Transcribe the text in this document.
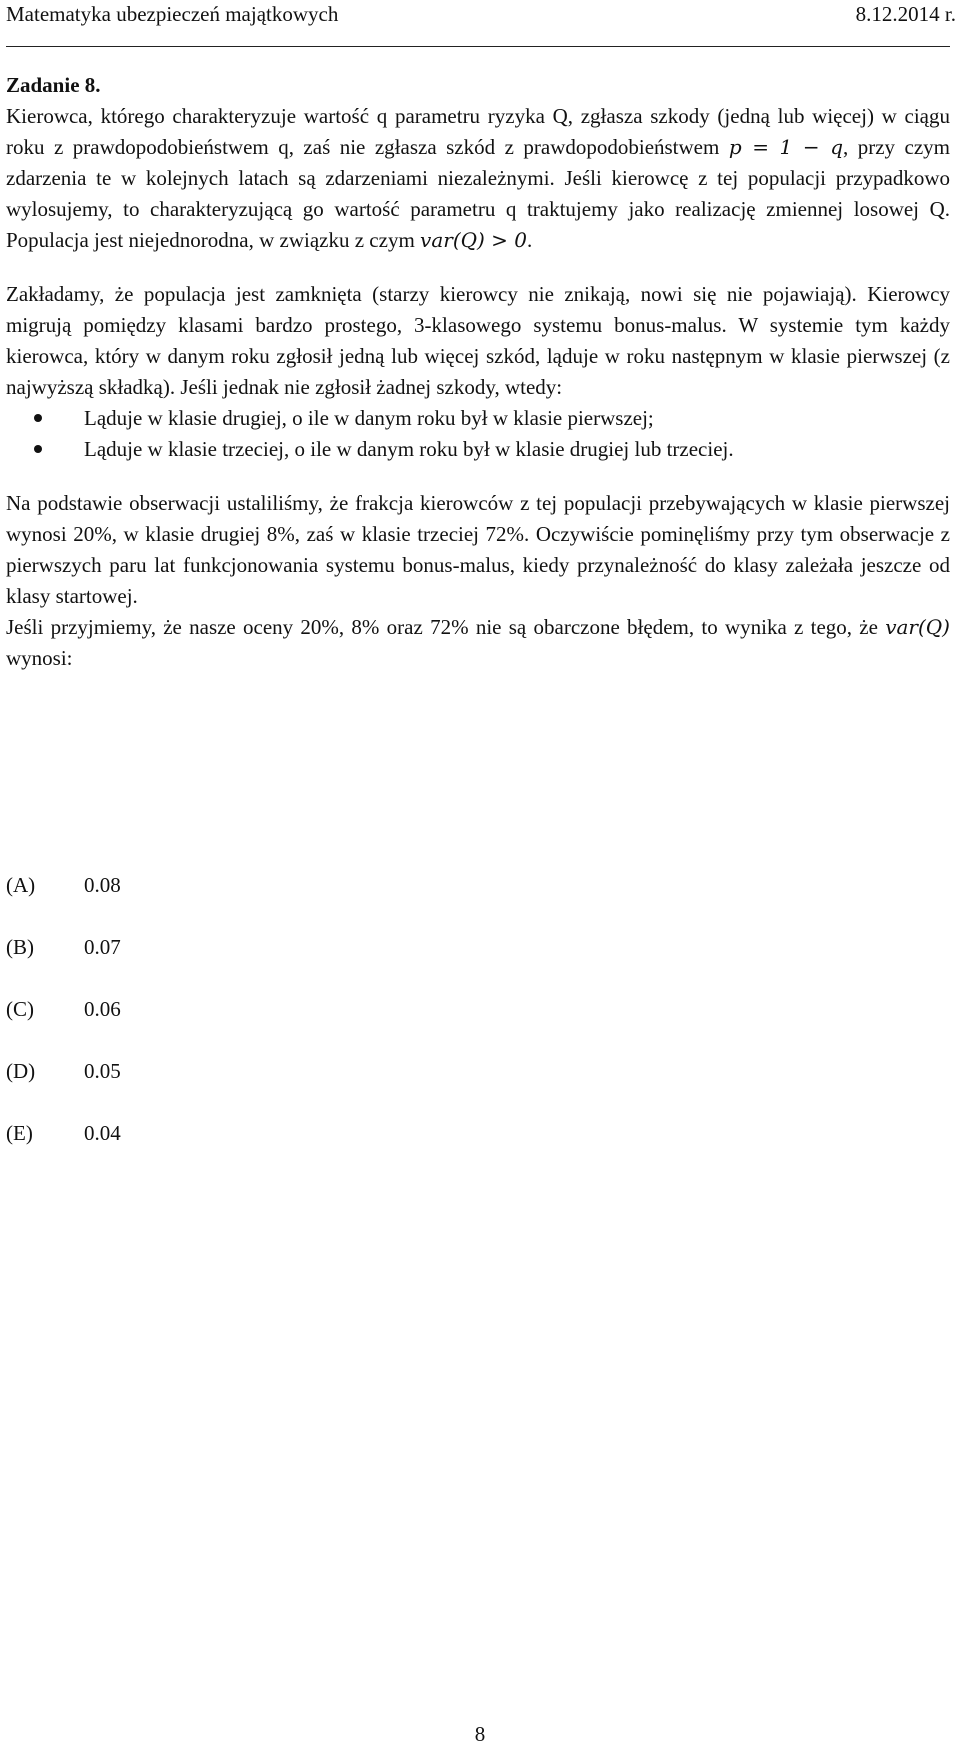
Matematyka ubezpieczeń majątkowych	8.12.2014 r.

Zadanie 8.

Kierowca, którego charakteryzuje wartość q parametru ryzyka Q, zgłasza szkody (jedną lub więcej) w ciągu roku z prawdopodobieństwem q, zaś nie zgłasza szkód z prawdopodobieństwem p = 1 − q, przy czym zdarzenia te w kolejnych latach są zdarzeniami niezależnymi. Jeśli kierowcę z tej populacji przypadkowo wylosujemy, to charakteryzującą go wartość parametru q traktujemy jako realizację zmiennej losowej Q. Populacja jest niejednorodna, w związku z czym var(Q) > 0.

Zakładamy, że populacja jest zamknięta (starzy kierowcy nie znikają, nowi się nie pojawiają). Kierowcy migrują pomiędzy klasami bardzo prostego, 3-klasowego systemu bonus-malus. W systemie tym każdy kierowca, który w danym roku zgłosił jedną lub więcej szkód, ląduje w roku następnym w klasie pierwszej (z najwyższą składką). Jeśli jednak nie zgłosił żadnej szkody, wtedy:

Ląduje w klasie drugiej, o ile w danym roku był w klasie pierwszej;
Ląduje w klasie trzeciej, o ile w danym roku był w klasie drugiej lub trzeciej.

Na podstawie obserwacji ustaliliśmy, że frakcja kierowców z tej populacji przebywających w klasie pierwszej wynosi 20%, w klasie drugiej 8%, zaś w klasie trzeciej 72%. Oczywiście pominęliśmy przy tym obserwacje z pierwszych paru lat funkcjonowania systemu bonus-malus, kiedy przynależność do klasy zależała jeszcze od klasy startowej.

Jeśli przyjmiemy, że nasze oceny 20%, 8% oraz 72% nie są obarczone błędem, to wynika z tego, że var(Q) wynosi:

(A) 0.08
(B) 0.07
(C) 0.06
(D) 0.05
(E) 0.04
8
